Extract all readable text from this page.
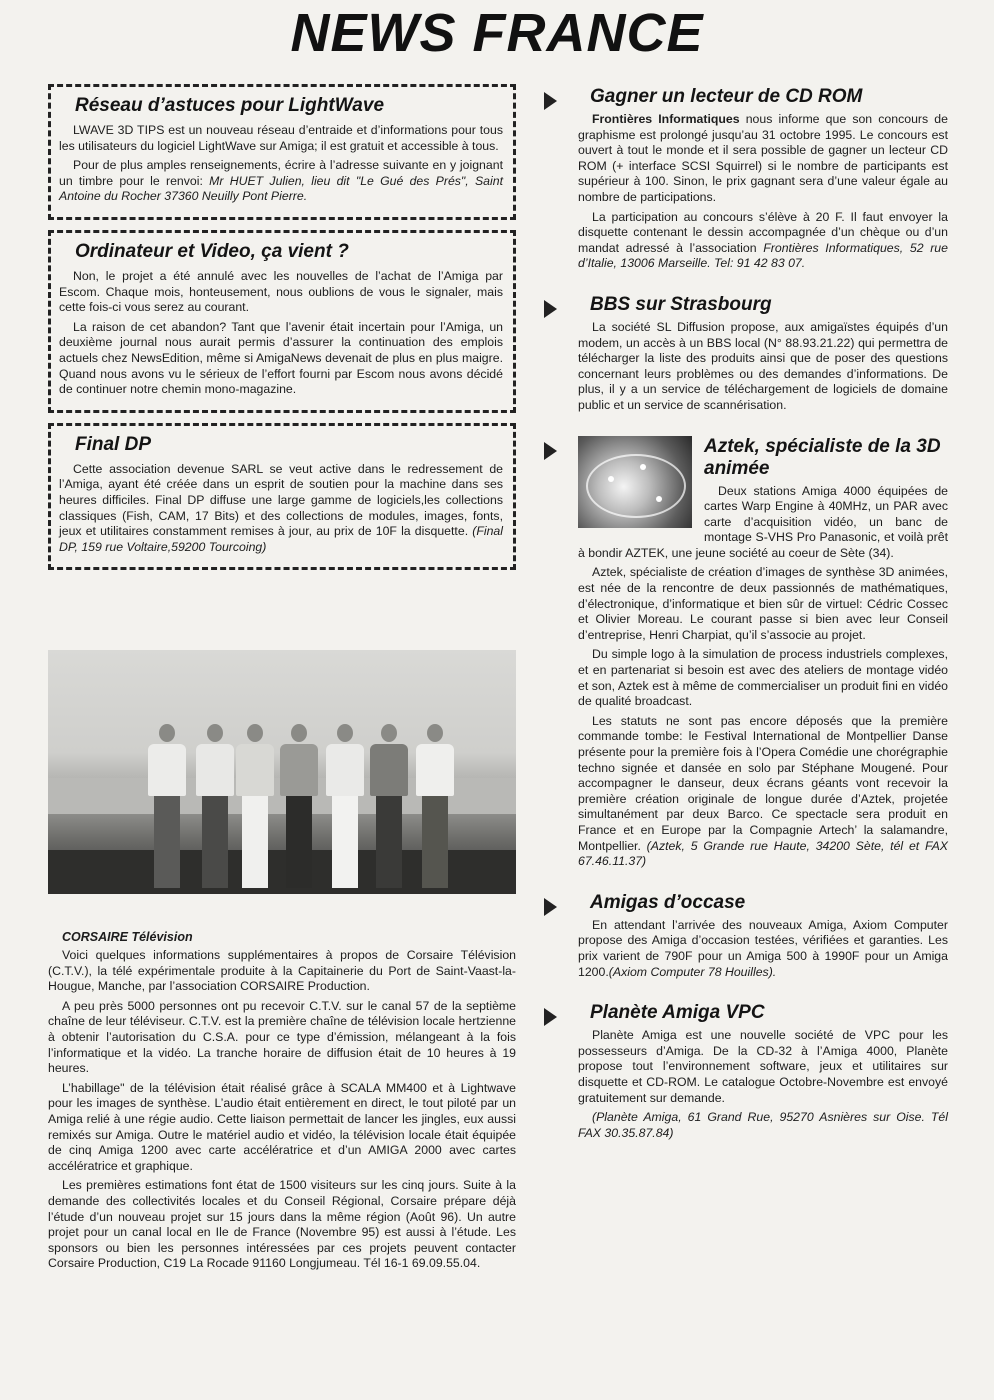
NEWS FRANCE
Réseau d’astuces pour LightWave

LWAVE 3D TIPS est un nouveau réseau d’entraide et d’informations pour tous les utilisateurs du logiciel LightWave sur Amiga; il est gratuit et accessible à tous.

Pour de plus amples renseignements, écrire à l’adresse suivante en y joignant un timbre pour le renvoi: Mr HUET Julien, lieu dit "Le Gué des Prés", Saint Antoine du Rocher 37360 Neuilly Pont Pierre.

Ordinateur et Video, ça vient ?

Non, le projet a été annulé avec les nouvelles de l’achat de l’Amiga par Escom. Chaque mois, honteusement, nous oublions de vous le signaler, mais cette fois-ci vous serez au courant.

La raison de cet abandon? Tant que l’avenir était incertain pour l’Amiga, un deuxième journal nous aurait permis d’assurer la continuation des emplois actuels chez NewsEdition, même si AmigaNews devenait de plus en plus maigre. Quand nous avons vu le sérieux de l’effort fourni par Escom nous avons décidé de continuer notre chemin mono-magazine.

Final DP

Cette association devenue SARL se veut active dans le redressement de l’Amiga, ayant été créée dans un esprit de soutien pour la machine dans ses heures difficiles. Final DP diffuse une large gamme de logiciels,les collections classiques (Fish, CAM, 17 Bits) et des collections de modules, images, fonts, jeux et utilitaires constamment remises à jour, au prix de 10F la disquette. (Final DP, 159 rue Voltaire,59200 Tourcoing)

CORSAIRE Télévision

Voici quelques informations supplémentaires à propos de Corsaire Télévision (C.T.V.), la télé expérimentale produite à la Capitainerie du Port de Saint-Vaast-la-Hougue, Manche, par l’association CORSAIRE Production.

A peu près 5000 personnes ont pu recevoir C.T.V. sur le canal 57 de la septième chaîne de leur téléviseur. C.T.V. est la première chaîne de télévision locale hertzienne à obtenir l’autorisation du C.S.A. pour ce type d’émission, mélangeant à la fois l’informatique et la vidéo. La tranche horaire de diffusion était de 10 heures à 19 heures.

L’habillage" de la télévision était réalisé grâce à SCALA MM400 et à Lightwave pour les images de synthèse. L’audio était entièrement en direct, le tout piloté par un Amiga relié à une régie audio. Cette liaison permettait de lancer les jingles, eux aussi remixés sur Amiga. Outre le matériel audio et vidéo, la télévision locale était équipée de cinq Amiga 1200 avec carte accélératrice et d’un AMIGA 2000 avec cartes accélératrice et graphique.

Les premières estimations font état de 1500 visiteurs sur les cinq jours. Suite à la demande des collectivités locales et du Conseil Régional, Corsaire prépare déjà l’étude d’un nouveau projet sur 15 jours dans la même région (Août 96). Un autre projet pour un canal local en Ile de France (Novembre 95) est aussi à l’étude. Les sponsors ou bien les personnes intéressées par ces projets peuvent contacter Corsaire Production, C19 La Rocade 91160 Longjumeau. Tél 16-1 69.09.55.04.

Gagner un lecteur de CD ROM

Frontières Informatiques nous informe que son concours de graphisme est prolongé jusqu’au 31 octobre 1995. Le concours est ouvert à tout le monde et il sera possible de gagner un lecteur CD ROM (+ interface SCSI Squirrel) si le nombre de participants est supérieur à 100. Sinon, le prix gagnant sera d’une valeur égale au nombre de participations.

La participation au concours s’élève à 20 F. Il faut envoyer la disquette contenant le dessin accompagnée d’un chèque ou d’un mandat adressé à l’association Frontières Informatiques, 52 rue d’Italie, 13006 Marseille. Tel: 91 42 83 07.

BBS sur Strasbourg

La société SL Diffusion propose, aux amigaïstes équipés d’un modem, un accès à un BBS local (N° 88.93.21.22) qui permettra de télécharger la liste des produits ainsi que de poser des questions concernant leurs problèmes ou des demandes d’informations. De plus, il y a un service de téléchargement de logiciels de domaine public et un service de scannérisation.

Aztek, spécialiste de la 3D animée

Deux stations Amiga 4000 équipées de cartes Warp Engine à 40MHz, un PAR avec carte d’acquisition vidéo, un banc de montage S-VHS Pro Panasonic, et voilà prêt à bondir AZTEK, une jeune société au coeur de Sète (34).

Aztek, spécialiste de création d’images de synthèse 3D animées, est née de la rencontre de deux passionnés de mathématiques, d’électronique, d’informatique et bien sûr de virtuel: Cédric Cossec et Olivier Moreau. Le courant passe si bien avec leur Conseil d’entreprise, Henri Charpiat, qu’il s’associe au projet.

Du simple logo à la simulation de process industriels complexes, et en partenariat si besoin est avec des ateliers de montage vidéo et son, Aztek est à même de commercialiser un produit fini en vidéo de qualité broadcast.

Les statuts ne sont pas encore déposés que la première commande tombe: le Festival International de Montpellier Danse présente pour la première fois à l’Opera Comédie une chorégraphie techno signée et dansée en solo par Stéphane Mougené. Pour accompagner le danseur, deux écrans géants vont recevoir la première création originale de longue durée d’Aztek, projetée simultanément par deux Barco. Ce spectacle sera produit en France et en Europe par la Compagnie Artech’ la salamandre, Montpellier. (Aztek, 5 Grande rue Haute, 34200 Sète, tél et FAX 67.46.11.37)

Amigas d’occase

En attendant l’arrivée des nouveaux Amiga, Axiom Computer propose des Amiga d’occasion testées, vérifiées et garanties. Les prix varient de 790F pour un Amiga 500 à 1990F pour un Amiga 1200.(Axiom Computer 78 Houilles).

Planète Amiga VPC

Planète Amiga est une nouvelle société de VPC pour les possesseurs d’Amiga. De la CD-32 à l’Amiga 4000, Planète propose tout l’environnement software, jeux et utilitaires sur disquette et CD-ROM. Le catalogue Octobre-Novembre est envoyé gratuitement sur demande.

(Planète Amiga, 61 Grand Rue, 95270 Asnières sur Oise. Tél FAX 30.35.87.84)
